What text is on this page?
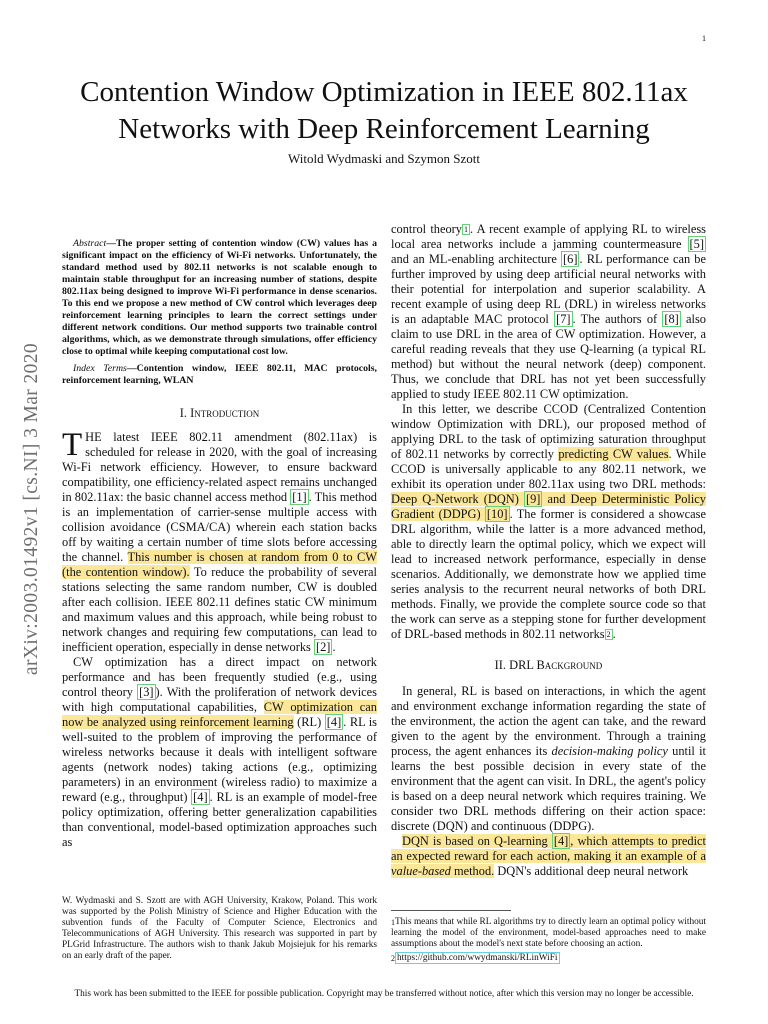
1
arXiv:2003.01492v1 [cs.NI] 3 Mar 2020
Contention Window Optimization in IEEE 802.11ax
Networks with Deep Reinforcement Learning
Witold Wydmaski and Szymon Szott

Abstract—The proper setting of contention window (CW) values has a significant impact on the efficiency of Wi-Fi networks. Unfortunately, the standard method used by 802.11 networks is not scalable enough to maintain stable throughput for an increasing number of stations, despite 802.11ax being designed to improve Wi-Fi performance in dense scenarios. To this end we propose a new method of CW control which leverages deep reinforcement learning principles to learn the correct settings under different network conditions. Our method supports two trainable control algorithms, which, as we demonstrate through simulations, offer efficiency close to optimal while keeping computational cost low.

Index Terms—Contention window, IEEE 802.11, MAC protocols, reinforcement learning, WLAN

I. Introduction

THE latest IEEE 802.11 amendment (802.11ax) is scheduled for release in 2020, with the goal of increasing Wi-Fi network efficiency. However, to ensure backward compatibility, one efficiency-related aspect remains unchanged in 802.11ax: the basic channel access method [1] . This method is an implementation of carrier-sense multiple access with collision avoidance (CSMA/CA) wherein each station backs off by waiting a certain number of time slots before accessing the channel. This number is chosen at random from 0 to CW (the contention window). To reduce the probability of several stations selecting the same random number, CW is doubled after each collision. IEEE 802.11 defines static CW minimum and maximum values and this approach, while being robust to network changes and requiring few computations, can lead to inefficient operation, especially in dense networks [2] .

CW optimization has a direct impact on network performance and has been frequently studied (e.g., using control theory [3] ). With the proliferation of network devices with high computational capabilities, CW optimization can now be analyzed using reinforcement learning (RL) [4] . RL is well-suited to the problem of improving the performance of wireless networks because it deals with intelligent software agents (network nodes) taking actions (e.g., optimizing parameters) in an environment (wireless radio) to maximize a reward (e.g., throughput) [4] . RL is an example of model-free policy optimization, offering better generalization capabilities than conventional, model-based optimization approaches such as

W. Wydmaski and S. Szott are with AGH University, Krakow, Poland. This work was supported by the Polish Ministry of Science and Higher Education with the subvention funds of the Faculty of Computer Science, Electronics and Telecommunications of AGH University. This research was supported in part by PLGrid Infrastructure. The authors wish to thank Jakub Mojsiejuk for his remarks on an early draft of the paper.

control theory $^1$ . A recent example of applying RL to wireless local area networks include a jamming countermeasure [5] and an ML-enabling architecture [6] . RL performance can be further improved by using deep artificial neural networks with their potential for interpolation and superior scalability. A recent example of using deep RL (DRL) in wireless networks is an adaptable MAC protocol [7] . The authors of [8] also claim to use DRL in the area of CW optimization. However, a careful reading reveals that they use Q-learning (a typical RL method) but without the neural network (deep) component. Thus, we conclude that DRL has not yet been successfully applied to study IEEE 802.11 CW optimization.

In this letter, we describe CCOD (Centralized Contention window Optimization with DRL), our proposed method of applying DRL to the task of optimizing saturation throughput of 802.11 networks by correctly predicting CW values. While CCOD is universally applicable to any 802.11 network, we exhibit its operation under 802.11ax using two DRL methods: Deep Q-Network (DQN) [9] and Deep Deterministic Policy Gradient (DDPG) [10] . The former is considered a showcase DRL algorithm, while the latter is a more advanced method, able to directly learn the optimal policy, which we expect will lead to increased network performance, especially in dense scenarios. Additionally, we demonstrate how we applied time series analysis to the recurrent neural networks of both DRL methods. Finally, we provide the complete source code so that the work can serve as a stepping stone for further development of DRL-based methods in 802.11 networks $^2$ .

II. DRL Background

In general, RL is based on interactions, in which the agent and environment exchange information regarding the state of the environment, the action the agent can take, and the reward given to the agent by the environment. Through a training process, the agent enhances its decision-making policy until it learns the best possible decision in every state of the environment that the agent can visit. In DRL, the agent's policy is based on a deep neural network which requires training. We consider two DRL methods differing on their action space: discrete (DQN) and continuous (DDPG).

DQN is based on Q-learning [4] , which attempts to predict an expected reward for each action, making it an example of a value-based method. DQN's additional deep neural network

$^1$This means that while RL algorithms try to directly learn an optimal policy without learning the model of the environment, model-based approaches need to make assumptions about the model's next state before choosing an action.
$^2$ https://github.com/wwydmanski/RLinWiFi
This work has been submitted to the IEEE for possible publication. Copyright may be transferred without notice, after which this version may no longer be accessible.
